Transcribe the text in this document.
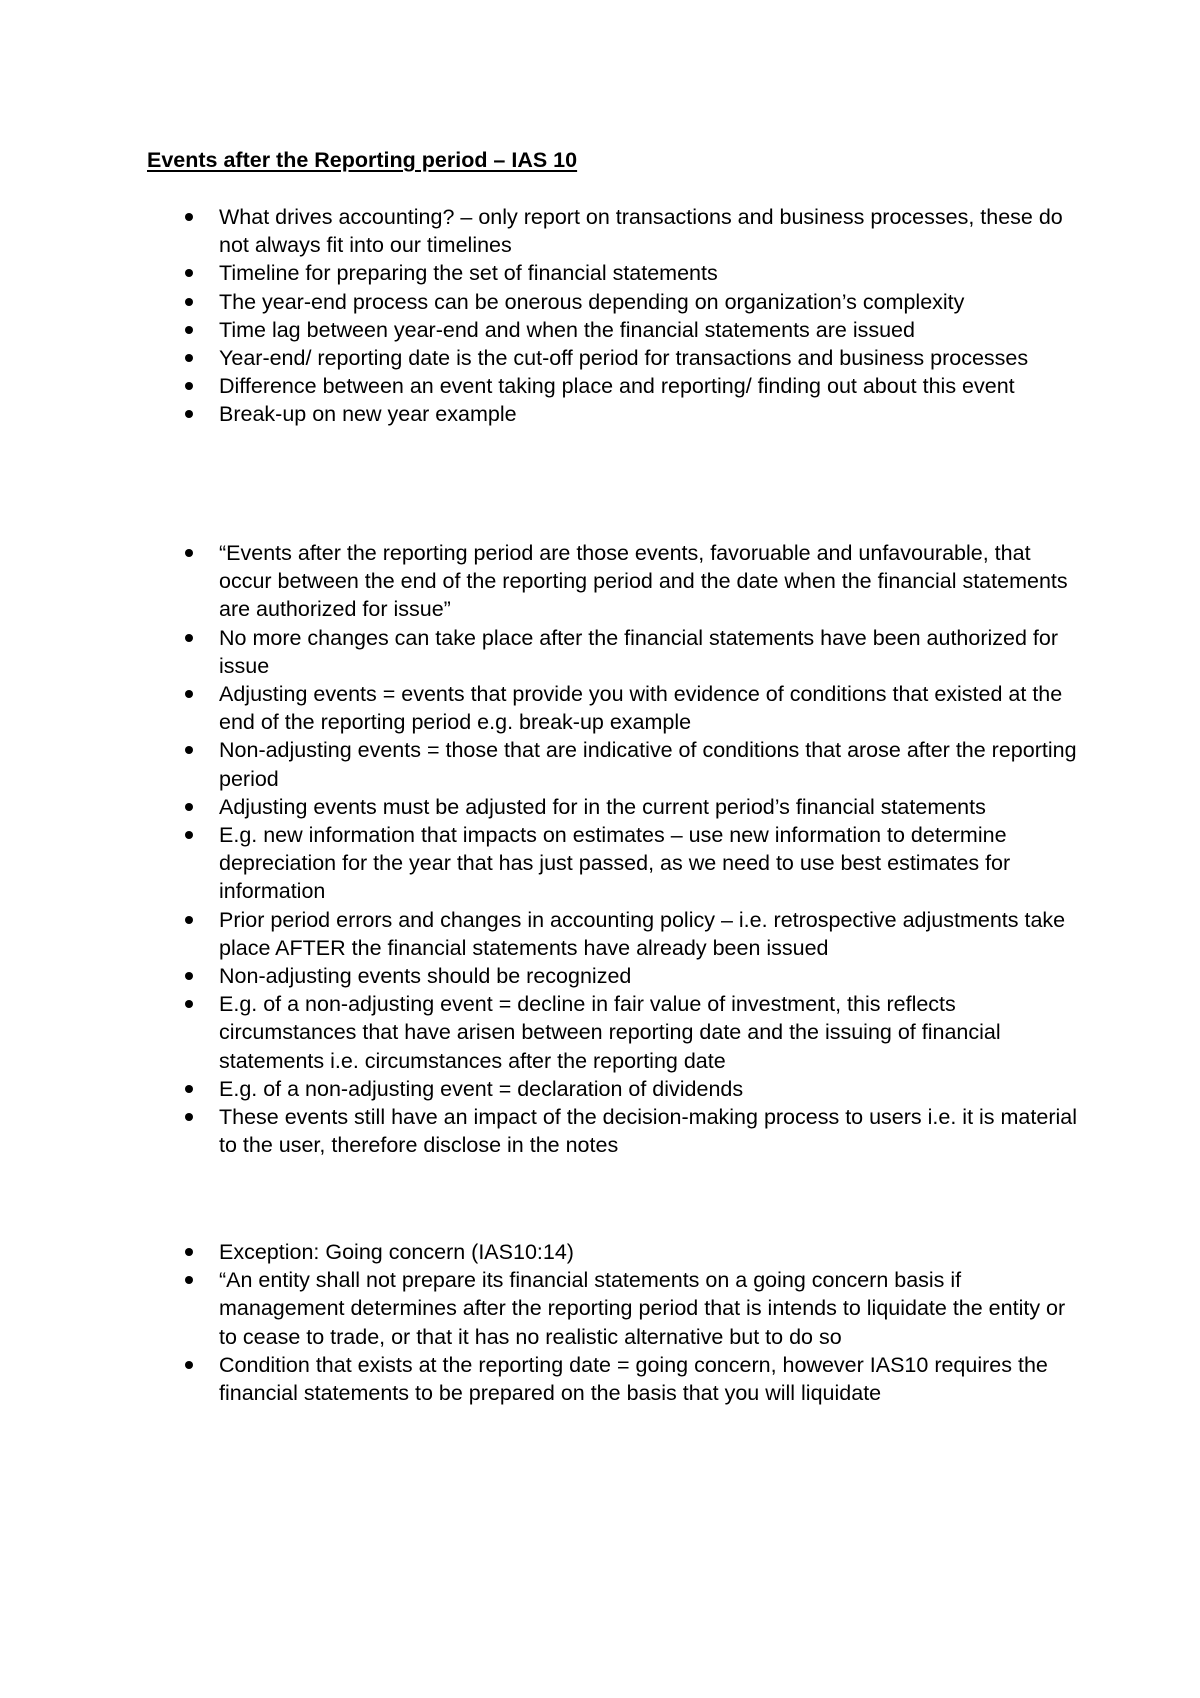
Events after the Reporting period – IAS 10
What drives accounting? – only report on transactions and business processes, these do not always fit into our timelines
Timeline for preparing the set of financial statements
The year-end process can be onerous depending on organization’s complexity
Time lag between year-end and when the financial statements are issued
Year-end/ reporting date is the cut-off period for transactions and business processes
Difference between an event taking place and reporting/ finding out about this event
Break-up on new year example
“Events after the reporting period are those events, favoruable and unfavourable, that occur between the end of the reporting period and the date when the financial statements are authorized for issue”
No more changes can take place after the financial statements have been authorized for issue
Adjusting events = events that provide you with evidence of conditions that existed at the end of the reporting period e.g. break-up example
Non-adjusting events = those that are indicative of conditions that arose after the reporting period
Adjusting events must be adjusted for in the current period’s financial statements
E.g. new information that impacts on estimates – use new information to determine depreciation for the year that has just passed, as we need to use best estimates for information
Prior period errors and changes in accounting policy – i.e. retrospective adjustments take place AFTER the financial statements have already been issued
Non-adjusting events should be recognized
E.g. of a non-adjusting event = decline in fair value of investment, this reflects circumstances that have arisen between reporting date and the issuing of financial statements i.e. circumstances after the reporting date
E.g. of a non-adjusting event = declaration of dividends
These events still have an impact of the decision-making process to users i.e. it is material to the user, therefore disclose in the notes
Exception: Going concern (IAS10:14)
“An entity shall not prepare its financial statements on a going concern basis if management determines after the reporting period that is intends to liquidate the entity or to cease to trade, or that it has no realistic alternative but to do so
Condition that exists at the reporting date = going concern, however IAS10 requires the financial statements to be prepared on the basis that you will liquidate
